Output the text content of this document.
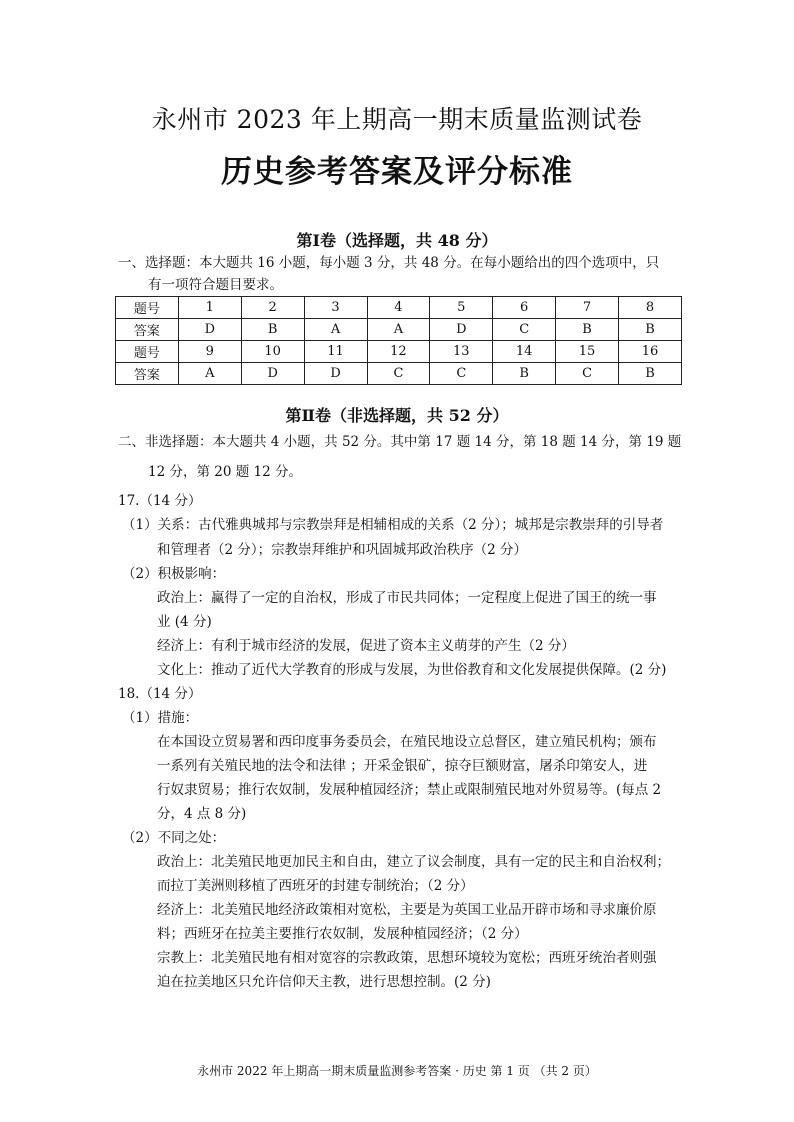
永州市 2023 年上期高一期末质量监测试卷
历史参考答案及评分标准
第Ⅰ卷（选择题，共 48 分）
一、选择题：本大题共 16 小题，每小题 3 分，共 48 分。在每小题给出的四个选项中，只
有一项符合题目要求。
题号	1	2	3	4	5	6	7	8
答案	D	B	A	A	D	C	B	B
题号	9	10	11	12	13	14	15	16
答案	A	D	D	C	C	B	C	B
第Ⅱ卷（非选择题，共 52 分）
二、非选择题：本大题共 4 小题，共 52 分。其中第 17 题 14 分，第 18 题 14 分，第 19 题
12 分，第 20 题 12 分。
17.（14 分）
（1）关系：古代雅典城邦与宗教崇拜是相辅相成的关系（2 分）；城邦是宗教崇拜的引导者
和管理者（2 分）；宗教崇拜维护和巩固城邦政治秩序（2 分）
（2）积极影响：
政治上：赢得了一定的自治权，形成了市民共同体；一定程度上促进了国王的统一事
业 (4 分)
经济上：有利于城市经济的发展，促进了资本主义萌芽的产生（2 分）
文化上：推动了近代大学教育的形成与发展，为世俗教育和文化发展提供保障。(2 分)
18.（14 分）
（1）措施：
在本国设立贸易署和西印度事务委员会，在殖民地设立总督区，建立殖民机构；颁布
一系列有关殖民地的法令和法律 ；开采金银矿，掠夺巨额财富，屠杀印第安人，进
行奴隶贸易；推行农奴制，发展种植园经济；禁止或限制殖民地对外贸易等。(每点 2
分，4 点 8 分)
（2）不同之处：
政治上：北美殖民地更加民主和自由，建立了议会制度，具有一定的民主和自治权利；
而拉丁美洲则移植了西班牙的封建专制统治；（2 分）
经济上：北美殖民地经济政策相对宽松，主要是为英国工业品开辟市场和寻求廉价原
料；西班牙在拉美主要推行农奴制，发展种植园经济；（2 分）
宗教上：北美殖民地有相对宽容的宗教政策，思想环境较为宽松；西班牙统治者则强
迫在拉美地区只允许信仰天主教，进行思想控制。(2 分)
永州市 2022 年上期高一期末质量监测参考答案 · 历史 第 1 页 （共 2 页）
